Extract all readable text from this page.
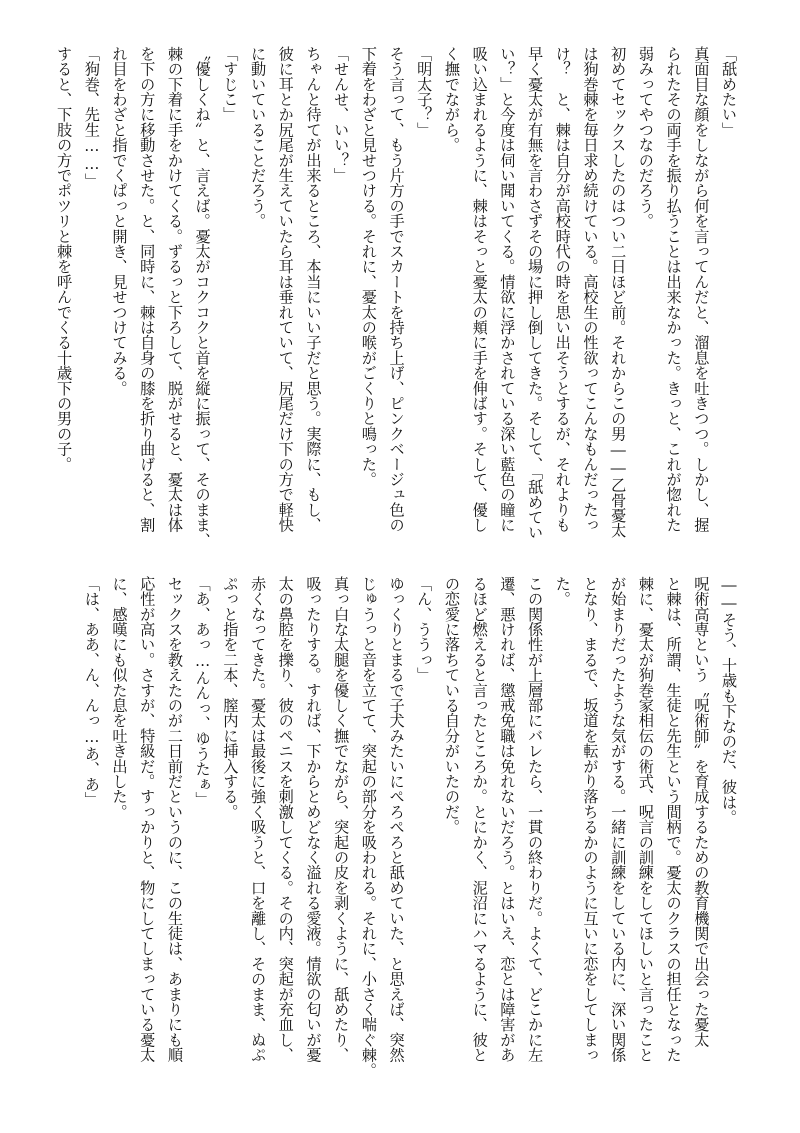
「舐めたい」
真面目な顔をしながら何を言ってんだと、溜息を吐きつつ。しかし、握
られたその両手を振り払うことは出来なかった。きっと、これが惚れた
弱みってやつなのだろう。
初めてセックスしたのはつい二日ほど前。それからこの男――乙骨憂太
は狗巻棘を毎日求め続けている。高校生の性欲ってこんなもんだったっ
け？　と、棘は自分が高校時代の時を思い出そうとするが、それよりも
早く憂太が有無を言わさずその場に押し倒してきた。そして、「舐めてい
い？」と今度は伺い聞いてくる。情欲に浮かされている深い藍色の瞳に
吸い込まれるように、棘はそっと憂太の頬に手を伸ばす。そして、優し
く撫でながら。
「明太子？」
そう言って、もう片方の手でスカートを持ち上げ、ピンクベージュ色の
下着をわざと見せつける。それに、憂太の喉がごくりと鳴った。
「せんせ、いい？」
ちゃんと待てが出来るところ、本当にいい子だと思う。実際に、もし、
彼に耳とか尻尾が生えていたら耳は垂れていて、尻尾だけ下の方で軽快
に動いていることだろう。
「すじこ」
〝優しくね〟と、言えば。憂太がコクコクと首を縦に振って、そのまま、
棘の下着に手をかけてくる。ずるっと下ろして、脱がせると、憂太は体
を下の方に移動させた。と、同時に、棘は自身の膝を折り曲げると、割
れ目をわざと指でくぱっと開き、見せつけてみる。
「狗巻、先生……」
すると、下肢の方でポツリと棘を呼んでくる十歳下の男の子。
――そう、十歳も下なのだ、彼は。
呪術高専という〝呪術師〟を育成するための教育機関で出会った憂太
と棘は、所謂、生徒と先生という間柄で。憂太のクラスの担任となった
棘に、憂太が狗巻家相伝の術式、呪言の訓練をしてほしいと言ったこと
が始まりだったような気がする。一緒に訓練をしている内に、深い関係
となり、まるで、坂道を転がり落ちるかのように互いに恋をしてしまっ
た。
この関係性が上層部にバレたら、一貫の終わりだ。よくて、どこかに左
遷、悪ければ、懲戒免職は免れないだろう。とはいえ、恋とは障害があ
るほど燃えると言ったところか。とにかく、泥沼にハマるように、彼と
の恋愛に落ちている自分がいたのだ。
「ん、ううっ」
ゆっくりとまるで子犬みたいにぺろぺろと舐めていた、と思えば、突然
じゅうっと音を立てて、突起の部分を吸われる。それに、小さく喘ぐ棘。
真っ白な太腿を優しく撫でながら、突起の皮を剥くように、舐めたり、
吸ったりする。すれば、下からとめどなく溢れる愛液。情欲の匂いが憂
太の鼻腔を擽り、彼のペニスを刺激してくる。その内、突起が充血し、
赤くなってきた。憂太は最後に強く吸うと、口を離し、そのまま、ぬぷ
ぷっと指を二本、膣内に挿入する。
「あ、あっ…んんっ、ゆうたぁ」
セックスを教えたのが二日前だというのに、この生徒は、あまりにも順
応性が高い。さすが、特級だ。すっかりと、物にしてしまっている憂太
に、感嘆にも似た息を吐き出した。
「は、ああ、ん、んっ…あ、あ」
